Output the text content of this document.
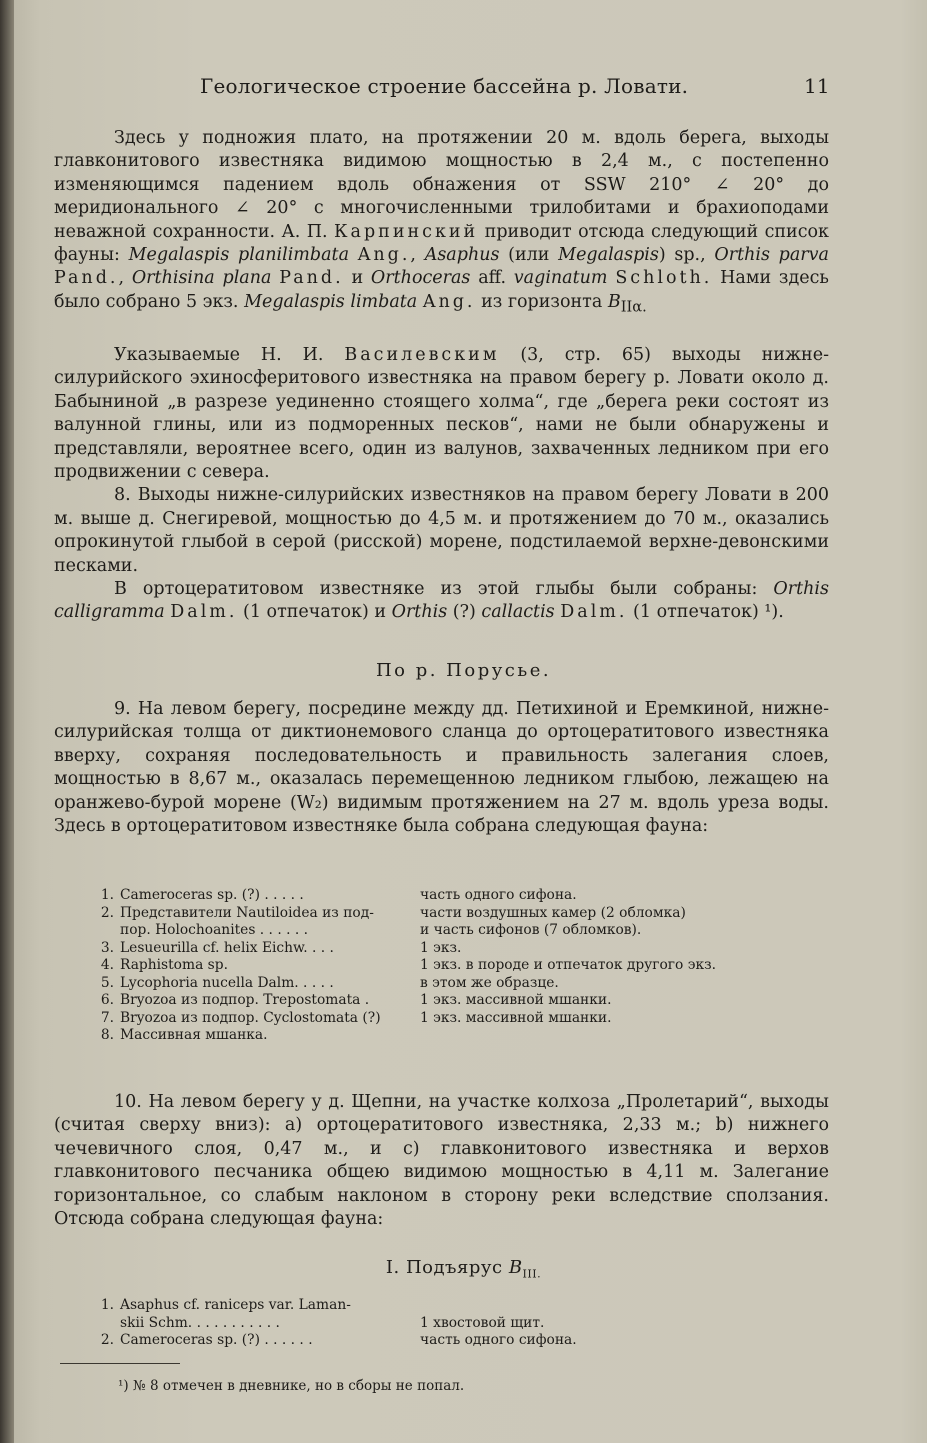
Геологическое строение бассейна р. Ловати.	11

Здесь у подножия плато, на протяжении 20 м. вдоль берега, выходы главконитового известняка видимою мощностью в 2,4 м., с постепенно изменяющимся падением вдоль обнажения от SSW 210° ∠ 20° до меридионального ∠ 20° с многочисленными трилобитами и брахиоподами неважной сохранности. А. П. Карпинский приводит отсюда следующий список фауны: Megalaspis planilimbata Ang., Asaphus (или Megalaspis) sp., Orthis parva Pand., Orthisina plana Pand. и Orthoceras aff. vaginatum Schloth. Нами здесь было собрано 5 экз. Megalaspis limbata Ang. из горизонта $B_{II\alpha.}$

Указываемые Н. И. Василевским (3, стр. 65) выходы нижне-силурийского эхиносферитового известняка на правом берегу р. Ловати около д. Бабыниной „в разрезе уединенно стоящего холма“, где „берега реки состоят из валунной глины, или из подморенных песков“, нами не были обнаружены и представляли, вероятнее всего, один из валунов, захваченных ледником при его продвижении с севера.

8. Выходы нижне-силурийских известняков на правом берегу Ловати в 200 м. выше д. Снегиревой, мощностью до 4,5 м. и протяжением до 70 м., оказались опрокинутой глыбой в серой (рисской) морене, подстилаемой верхне-девонскими песками.

В ортоцератитовом известняке из этой глыбы были собраны: Orthis calligramma Dalm. (1 отпечаток) и Orthis (?) callactis Dalm. (1 отпечаток) ¹).

По р. Порусье.

9. На левом берегу, посредине между дд. Петихиной и Еремкиной, нижне-силурийская толща от диктионемового сланца до ортоцератитового известняка вверху, сохраняя последовательность и правильность залегания слоев, мощностью в 8,67 м., оказалась перемещенною ледником глыбою, лежащею на оранжево-бурой морене (W₂) видимым протяжением на 27 м. вдоль уреза воды. Здесь в ортоцератитовом известняке была собрана следующая фауна:

1.	Cameroceras sp. (?) . . . . .	часть одного сифона.
2.	Представители Nautiloidea из под-	части воздушных камер (2 обломка)
	пор. Holochoanites . . . . . .	и часть сифонов (7 обломков).
3.	Lesueurilla cf. helix Eichw. . . .	1 экз.
4.	Raphistoma sp.	1 экз. в породе и отпечаток другого экз.
5.	Lycophoria nucella Dalm. . . . .	в этом же образце.
6.	Bryozoa из подпор. Trepostomata .	1 экз. массивной мшанки.
7.	Bryozoa из подпор. Cyclostomata (?)	1 экз. массивной мшанки.
8.	Массивная мшанка.	

10. На левом берегу у д. Щепни, на участке колхоза „Пролетарий“, выходы (считая сверху вниз): a) ортоцератитового известняка, 2,33 м.; b) нижнего чечевичного слоя, 0,47 м., и c) главконитового известняка и верхов главконитового песчаника общею видимою мощностью в 4,11 м. Залегание горизонтальное, со слабым наклоном в сторону реки вследствие сползания. Отсюда собрана следующая фауна:

I. Подъярус $B_{III.}$
1.	Asaphus cf. raniceps var. Laman-	
	skii Schm. . . . . . . . . . .	1 хвостовой щит.
2.	Cameroceras sp. (?) . . . . . .	часть одного сифона.
¹) № 8 отмечен в дневнике, но в сборы не попал.
